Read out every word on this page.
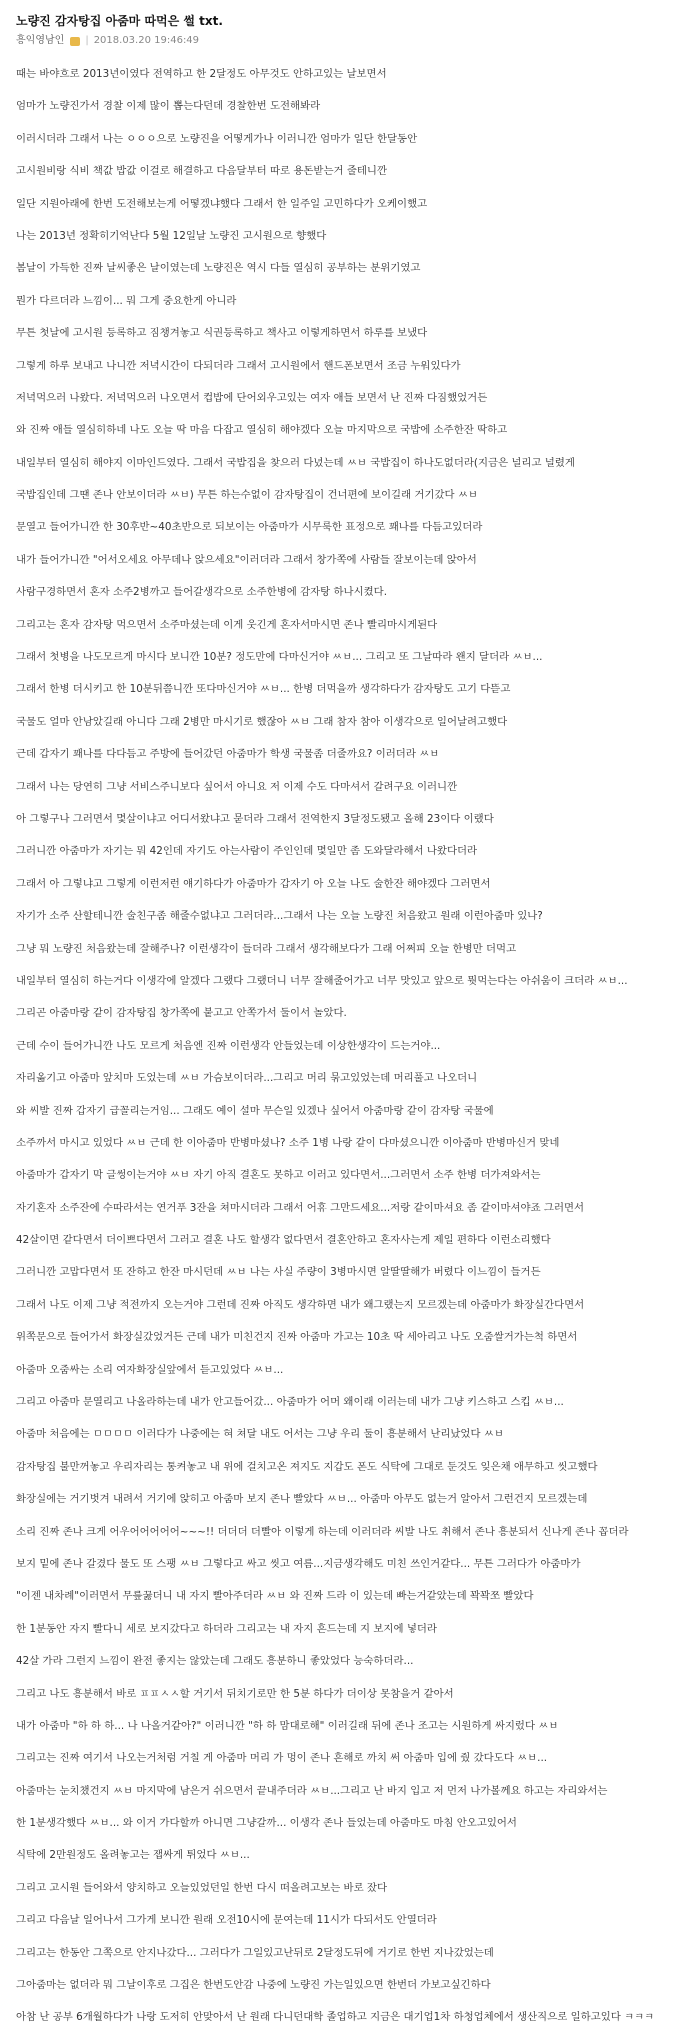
노량진 감자탕집 아줌마 따먹은 썰 txt.
흥익영남인 | 2018.03.20 19:46:49

때는 바야흐로 2013년이였다 전역하고 한 2달정도 아무것도 안하고있는 날보면서

엄마가 노량진가서 경찰 이제 많이 뽑는다던데 경찰한번 도전해봐라

이러시더라 그래서 나는 ㅇㅇㅇ으로 노량진을 어떻게가나 이러니깐 엄마가 일단 한달동안

고시원비랑 식비 책값 밥값 이걸로 해결하고 다음달부터 따로 용돈받는거 줄테니깐

일단 지원아래에 한번 도전해보는게 어떻겠냐했다 그래서 한 일주일 고민하다가 오케이했고

나는 2013년 정확히기억난다 5월 12일날 노량진 고시원으로 향했다

봄날이 가득한 진짜 날씨좋은 날이였는데 노량진은 역시 다들 열심히 공부하는 분위기였고

뭔가 다르더라 느낌이... 뭐 그게 중요한게 아니라

무튼 첫날에 고시원 등록하고 짐챙겨놓고 식권등록하고 책사고 이렇게하면서 하루를 보냈다

그렇게 하루 보내고 나니깐 저녁시간이 다되더라 그래서 고시원에서 핸드폰보면서 조금 누워있다가

저녁먹으러 나왔다. 저녁먹으러 나오면서 컵밥에 단어외우고있는 여자 애들 보면서 난 진짜 다짐했었거든

와 진짜 애들 열심히하네 나도 오늘 딱 마음 다잡고 열심히 해야겠다 오늘 마지막으로 국밥에 소주한잔 딱하고

내일부터 열심히 해야지 이마인드였다. 그래서 국밥집을 찾으러 다녔는데 ㅆㅂ 국밥집이 하나도없더라(지금은 널리고 널렸게

국밥집인데 그땐 존나 안보이더라 ㅆㅂ) 무튼 하는수없이 감자탕집이 건너편에 보이길래 거기갔다 ㅆㅂ

문열고 들어가니깐 한 30후반~40초반으로 되보이는 아줌마가 시무룩한 표정으로 꽤나를 다듬고있더라

내가 들어가니깐 "어서오세요 아무데나 앉으세요"이러더라 그래서 창가쪽에 사람들 잘보이는데 앉아서

사람구경하면서 혼자 소주2병까고 들어갈생각으로 소주한병에 감자탕 하나시켰다.

그리고는 혼자 감자탕 먹으면서 소주마셨는데 이게 웃긴게 혼자서마시면 존나 빨리마시게된다

그래서 첫병을 나도모르게 마시다 보니깐 10분? 정도만에 다마신거야 ㅆㅂ... 그리고 또 그날따라 왠지 달더라 ㅆㅂ...

그래서 한병 더시키고 한 10분뒤쯤니깐 또다마신거야 ㅆㅂ... 한병 더먹을까 생각하다가 감자탕도 고기 다뜯고

국물도 얼마 안남았길래 아니다 그래 2병만 마시기로 했잖아 ㅆㅂ 그래 참자 참아 이생각으로 일어날려고했다

근데 갑자기 꽤나를 다다듬고 주방에 들어갔던 아줌마가 학생 국물좀 더줄까요? 이러더라 ㅆㅂ

그래서 나는 당연히 그냥 서비스주니보다 싶어서 아니요 저 이제 수도 다마셔서 갈려구요 이러니깐

아 그렇구나 그러면서 몇살이냐고 어디서왔냐고 묻더라 그래서 전역한지 3달정도됐고 올해 23이다 이랬다

그러니깐 아줌마가 자기는 뭐 42인데 자기도 아는사람이 주인인데 몇일만 좀 도와달라해서 나왔다더라

그래서 아 그렇냐고 그렇게 이런저런 얘기하다가 아줌마가 갑자기 아 오늘 나도 술한잔 해야겠다 그러면서

자기가 소주 산할테니깐 술친구좀 해줄수없냐고 그러더라...그래서 나는 오늘 노량진 처음왔고 원래 이런아줌마 있나?

그냥 뭐 노량진 처음왔는데 잘해주나? 이런생각이 들더라 그래서 생각해보다가 그래 어쩌피 오늘 한병만 더먹고

내일부터 열심히 하는거다 이생각에 알겠다 그랬다 그랬더니 너무 잘해줄어가고 너무 맛있고 앞으로 뭣먹는다는 아쉬움이 크더라 ㅆㅂ...

그리곤 아줌마랑 같이 감자탕집 창가쪽에 붙고고 안쪽가서 둘이서 놀았다.

근데 수이 들어가니깐 나도 모르게 처음엔 진짜 이런생각 안들었는데 이상한생각이 드는거야...

자리옮기고 아줌마 앞치마 도었는데 ㅆㅂ 가슴보이더라...그리고 머리 묶고있었는데 머리풀고 나오더니

와 씨발 진짜 갑자기 급꼴리는거임... 그래도 예이 설마 무슨일 있겠나 싶어서 아줌마랑 같이 감자탕 국물에

소주까서 마시고 있었다 ㅆㅂ 근데 한 이아줌마 반병마셨나? 소주 1병 나랑 같이 다마셨으니깐 이아줌마 반병마신거 맞네

아줌마가 갑자기 막 글썽이는거야 ㅆㅂ 자기 아직 결혼도 못하고 이러고 있다면서...그러면서 소주 한병 더가져와서는

자기혼자 소주잔에 수따라서는 연거푸 3잔을 쳐마시더라 그래서 어휴 그만드세요...저랑 같이마셔요 좀 같이마셔야죠 그러면서

42살이면 같다면서 더이쁘다면서 그러고 결혼 나도 할생각 없다면서 결혼안하고 혼자사는게 제일 편하다 이런소리했다

그러니깐 고맙다면서 또 잔하고 한잔 마시던데 ㅆㅂ 나는 사실 주량이 3병마시면 알딸딸해가 버렸다 이느낌이 들거든

그래서 나도 이제 그냥 적전까지 오는거야 그런데 진짜 아직도 생각하면 내가 왜그랬는지 모르겠는데 아줌마가 화장실간다면서

위쪽문으로 들어가서 화장실갔었거든 근데 내가 미친건지 진짜 아줌마 가고는 10초 딱 세아리고 나도 오줌쌀거가는척 하면서

아줌마 오줌싸는 소리 여자화장실앞에서 듣고있었다 ㅆㅂ...

그리고 아줌마 문열리고 나올라하는데 내가 안고들어갔... 아줌마가 어머 왜이래 이러는데 내가 그냥 키스하고 스킵 ㅆㅂ...

아줌마 처음에는 ㅁㅁㅁㅁ 이러다가 나중에는 혀 쳐달 내도 어서는 그냥 우리 둘이 흥분해서 난리났었다 ㅆㅂ

감자탕집 불만꺼놓고 우리자리는 통켜놓고 내 위에 걸치고온 져지도 지갑도 폰도 식탁에 그대로 둔것도 잊은채 애무하고 씻고했다

화장실에는 거기벗겨 내려서 거기에 앉히고 아줌마 보지 존나 빨았다 ㅆㅂ... 아줌마 아무도 없는거 알아서 그런건지 모르겠는데

소리 진짜 존나 크게 어우어어어어어~~~!! 더더더 더빨아 이렇게 하는데 이러더라 씨발 나도 취해서 존나 흥분되서 신나게 존나 꼽더라

보지 밑에 존나 갈겼다 물도 또 스팽 ㅆㅂ 그렇다고 싸고 씻고 여름...지금생각해도 미친 쓰인거같다... 무튼 그러다가 아줌마가

"이젠 내차례"이러면서 무릎꿇더니 내 자지 빨아주더라 ㅆㅂ 와 진짜 드라 이 있는데 빠는거같았는데 꽉꽉쪼 빨았다

한 1분동안 자지 빨다니 세로 보지갔다고 하더라 그리고는 내 자지 흔드는데 지 보지에 넣더라

42살 가라 그런지 느낌이 완전 좋지는 않았는데 그래도 흥분하니 좋았었다 능숙하더라...

그리고 나도 흥분해서 바로 ㅍㅍㅅㅅ할 거기서 뒤치기로만 한 5분 하다가 더이상 못참을거 같아서

내가 아줌마 "하 하 하... 나 나올거같아?" 이러니깐 "하 하 맘대로해" 이러길래 뒤에 존나 조고는 시원하게 싸지렀다 ㅆㅂ

그리고는 진짜 여기서 나오는거처럼 거칠 게 아줌마 머리 가 멍이 존나 흔해로 까치 써 아줌마 입에 줬 갔다도다 ㅆㅂ...

아줌마는 눈치챘건지 ㅆㅂ 마지막에 남은거 쉬으면서 끝내주더라 ㅆㅂ...그리고 난 바지 입고 저 먼저 나가볼께요 하고는 자리와서는

한 1분생각했다 ㅆㅂ... 와 이거 가다할까 아니면 그냥갈까... 이생각 존나 들었는데 아줌마도 마침 안오고있어서

식탁에 2만원정도 올려놓고는 잽싸게 튀었다 ㅆㅂ...

그리고 고시원 들어와서 양치하고 오늘있었던일 한번 다시 떠올려고보는 바로 잤다

그리고 다음날 일어나서 그가게 보니깐 원래 오전10시에 문여는데 11시가 다되서도 안열더라

그리고는 한동안 그쪽으로 안지나갔다... 그러다가 그일있고난뒤로 2달정도뒤에 거기로 한번 지나갔었는데

그아줌마는 없더라 뭐 그날이후로 그집은 한번도안감 나중에 노량진 가는일있으면 한번더 가보고싶긴하다

아참 난 공부 6개월하다가 나랑 도저히 안맞아서 난 원래 다니던대학 졸업하고 지금은 대기업1차 하청업체에서 생산직으로 일하고있다 ㅋㅋㅋ
